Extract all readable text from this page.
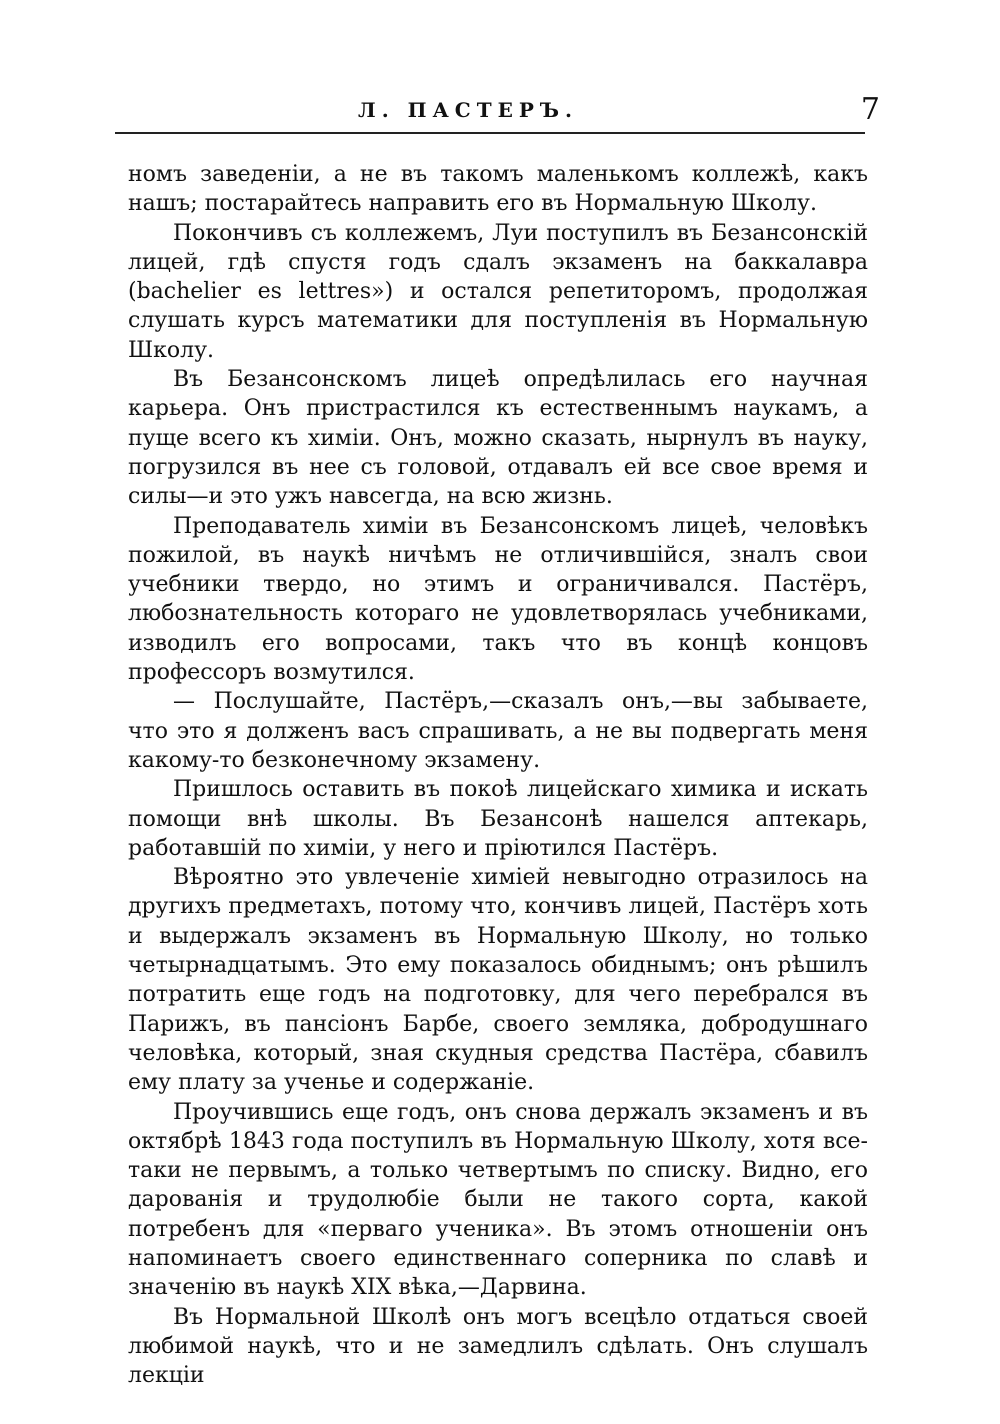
Л. ПАСТЕРЪ.	7

номъ заведеніи, а не въ такомъ маленькомъ коллежѣ, какъ нашъ; постарайтесь направить его въ Нормальную Школу.

Покончивъ съ коллежемъ, Луи поступилъ въ Безансонскій лицей, гдѣ спустя годъ сдалъ экзаменъ на баккалавра (bachelier es lettres») и остался репетиторомъ, продолжая слушать курсъ математики для поступленія въ Нормальную Школу.

Въ Безансонскомъ лицеѣ опредѣлилась его научная карьера. Онъ пристрастился къ естественнымъ наукамъ, а пуще всего къ химіи. Онъ, можно сказать, нырнулъ въ науку, погрузился въ нее съ головой, отдавалъ ей все свое время и силы—и это ужъ навсегда, на всю жизнь.

Преподаватель химіи въ Безансонскомъ лицеѣ, человѣкъ пожилой, въ наукѣ ничѣмъ не отличившійся, зналъ свои учебники твердо, но этимъ и ограничивался. Пастёръ, любознательность котораго не удовлетворялась учебниками, изводилъ его вопросами, такъ что въ концѣ концовъ профессоръ возмутился.

— Послушайте, Пастёръ,—сказалъ онъ,—вы забываете, что это я долженъ васъ спрашивать, а не вы подвергать меня какому-то безконечному экзамену.

Пришлось оставить въ покоѣ лицейскаго химика и искать помощи внѣ школы. Въ Безансонѣ нашелся аптекарь, работавшій по химіи, у него и пріютился Пастёръ.

Вѣроятно это увлеченіе химіей невыгодно отразилось на другихъ предметахъ, потому что, кончивъ лицей, Пастёръ хоть и выдержалъ экзаменъ въ Нормальную Школу, но только четырнадцатымъ. Это ему показалось обиднымъ; онъ рѣшилъ потратить еще годъ на подготовку, для чего перебрался въ Парижъ, въ пансіонъ Барбе, своего земляка, добродушнаго человѣка, который, зная скудныя средства Пастёра, сбавилъ ему плату за ученье и содержаніе.

Проучившись еще годъ, онъ снова держалъ экзаменъ и въ октябрѣ 1843 года поступилъ въ Нормальную Школу, хотя все-таки не первымъ, а только четвертымъ по списку. Видно, его дарованія и трудолюбіе были не такого сорта, какой потребенъ для «перваго ученика». Въ этомъ отношеніи онъ напоминаетъ своего единственнаго соперника по славѣ и значенію въ наукѣ XIX вѣка,—Дарвина.

Въ Нормальной Школѣ онъ могъ всецѣло отдаться своей любимой наукѣ, что и не замедлилъ сдѣлать. Онъ слушалъ лекціи
